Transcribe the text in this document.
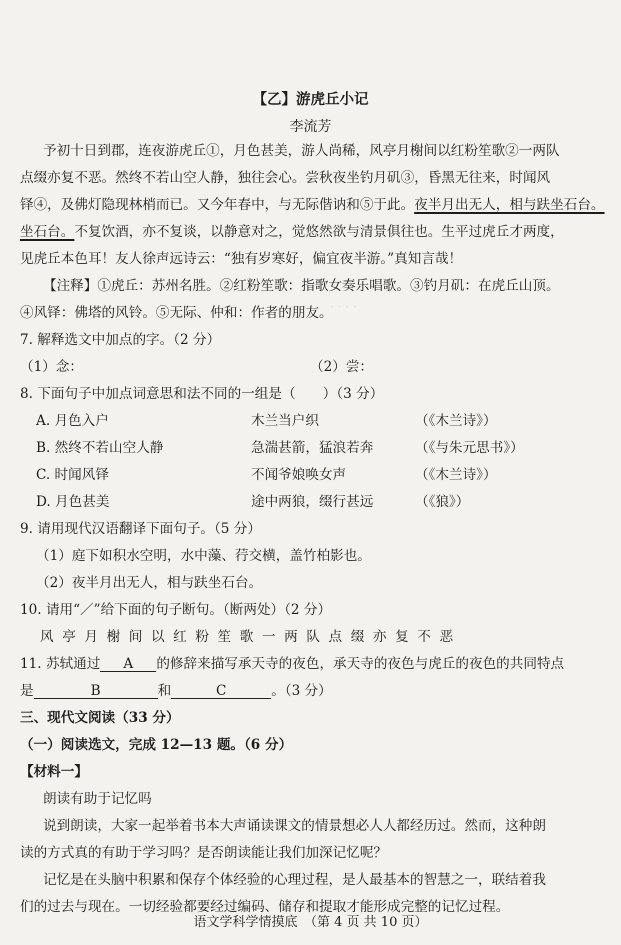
· · · ·
【乙】游虎丘小记
李流芳
予初十日到郡，连夜游虎丘①，月色甚美，游人尚稀，风亭月榭间以红粉笙歌②一两队
点缀亦复不恶。然终不若山空人静，独往会心。尝秋夜坐钓月矶③，昏黑无往来，时闻风
铎④，及佛灯隐现林梢而已。又今年春中，与无际偕讷和⑤于此。夜半月出无人，相与趺坐石台。
坐石台。不复饮酒，亦不复谈，以静意对之，觉悠然欲与清景俱往也。生平过虎丘才两度，
见虎丘本色耳！友人徐声远诗云：“独有岁寒好，偏宜夜半游。”真知言哉！
【注释】①虎丘：苏州名胜。②红粉笙歌：指歌女奏乐唱歌。③钓月矶：在虎丘山顶。
④风铎：佛塔的风铃。⑤无际、仲和：作者的朋友。
7. 解释选文中加点的字。（2 分）
（1）念：	（2）尝：
8. 下面句子中加点词意思和法不同的一组是（　　）（3 分）
A. 月色入户	木兰当户织	（《木兰诗》）
B. 然终不若山空人静	急湍甚箭，猛浪若奔	（《与朱元思书》）
C. 时闻风铎	不闻爷娘唤女声	（《木兰诗》）
D. 月色甚美	途中两狼，缀行甚远	（《狼》）
9. 请用现代汉语翻译下面句子。（5 分）
（1）庭下如积水空明，水中藻、荇交横，盖竹柏影也。
（2）夜半月出无人，相与趺坐石台。
10. 请用“／”给下面的句子断句。（断两处）（2 分）
风亭月榭间以红粉笙歌一两队点缀亦复不恶
11. 苏轼通过 A 的修辞来描写承天寺的夜色，承天寺的夜色与虎丘的夜色的共同特点
是	B	和	C	。（3 分）
三、现代文阅读（33 分）
（一）阅读选文，完成 12—13 题。（6 分）
【材料一】
朗读有助于记忆吗
说到朗读，大家一起举着书本大声诵读课文的情景想必人人都经历过。然而，这种朗
读的方式真的有助于学习吗？是否朗读能让我们加深记忆呢？
记忆是在头脑中积累和保存个体经验的心理过程，是人最基本的智慧之一，联结着我
们的过去与现在。一切经验都要经过编码、储存和提取才能形成完整的记忆过程。
语文学科学情摸底　（第 4 页 共 10 页）
